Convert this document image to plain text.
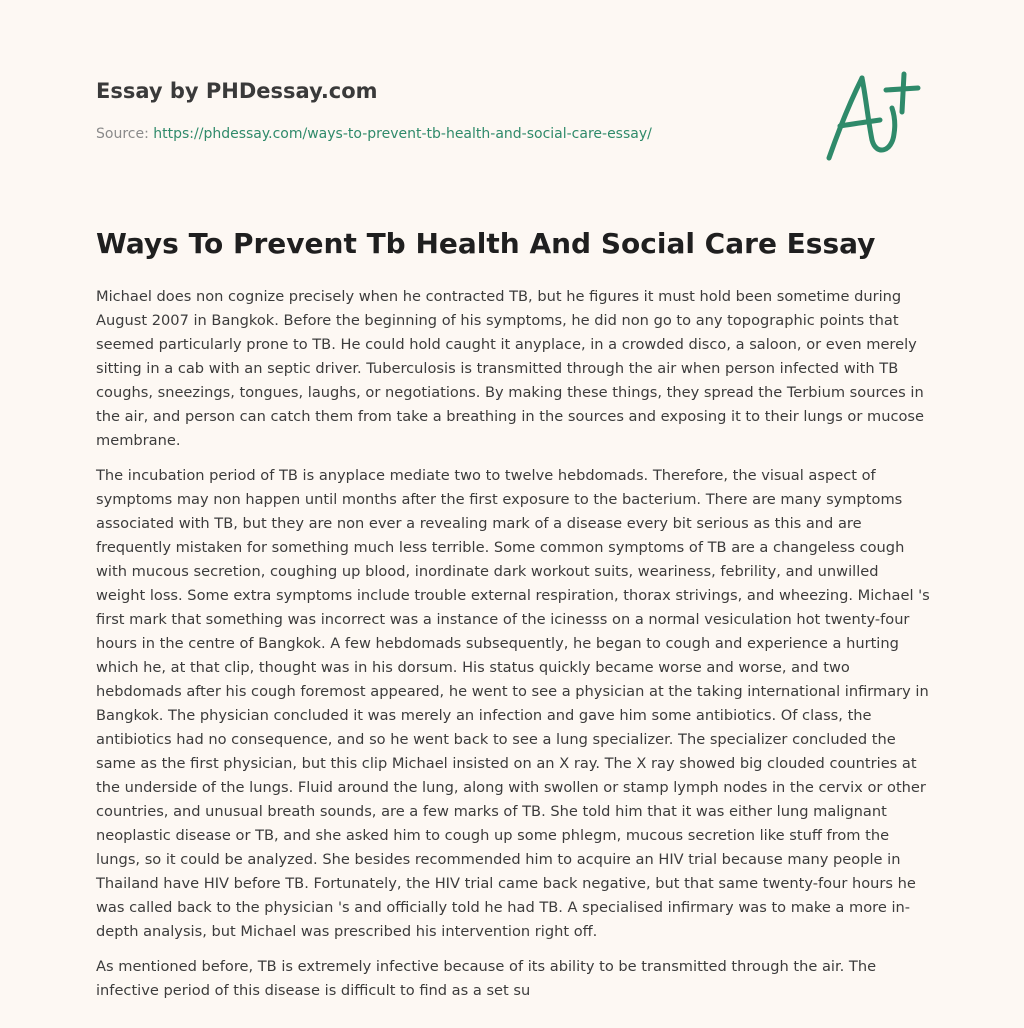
Essay by PHDessay.com
Source: https://phdessay.com/ways-to-prevent-tb-health-and-social-care-essay/
Ways To Prevent Tb Health And Social Care Essay

Michael does non cognize precisely when he contracted TB, but he figures it must hold been sometime during August 2007 in Bangkok. Before the beginning of his symptoms, he did non go to any topographic points that seemed particularly prone to TB. He could hold caught it anyplace, in a crowded disco, a saloon, or even merely sitting in a cab with an septic driver. Tuberculosis is transmitted through the air when person infected with TB coughs, sneezings, tongues, laughs, or negotiations. By making these things, they spread the Terbium sources in the air, and person can catch them from take a breathing in the sources and exposing it to their lungs or mucose membrane.

The incubation period of TB is anyplace mediate two to twelve hebdomads. Therefore, the visual aspect of symptoms may non happen until months after the first exposure to the bacterium. There are many symptoms associated with TB, but they are non ever a revealing mark of a disease every bit serious as this and are frequently mistaken for something much less terrible. Some common symptoms of TB are a changeless cough with mucous secretion, coughing up blood, inordinate dark workout suits, weariness, febrility, and unwilled weight loss. Some extra symptoms include trouble external respiration, thorax strivings, and wheezing. Michael 's first mark that something was incorrect was a instance of the icinesss on a normal vesiculation hot twenty-four hours in the centre of Bangkok. A few hebdomads subsequently, he began to cough and experience a hurting which he, at that clip, thought was in his dorsum. His status quickly became worse and worse, and two hebdomads after his cough foremost appeared, he went to see a physician at the taking international infirmary in Bangkok. The physician concluded it was merely an infection and gave him some antibiotics. Of class, the antibiotics had no consequence, and so he went back to see a lung specializer. The specializer concluded the same as the first physician, but this clip Michael insisted on an X ray. The X ray showed big clouded countries at the underside of the lungs. Fluid around the lung, along with swollen or stamp lymph nodes in the cervix or other countries, and unusual breath sounds, are a few marks of TB. She told him that it was either lung malignant neoplastic disease or TB, and she asked him to cough up some phlegm, mucous secretion like stuff from the lungs, so it could be analyzed. She besides recommended him to acquire an HIV trial because many people in Thailand have HIV before TB. Fortunately, the HIV trial came back negative, but that same twenty-four hours he was called back to the physician 's and officially told he had TB. A specialised infirmary was to make a more in-depth analysis, but Michael was prescribed his intervention right off.

As mentioned before, TB is extremely infective because of its ability to be transmitted through the air. The infective period of this disease is difficult to find as a set su
